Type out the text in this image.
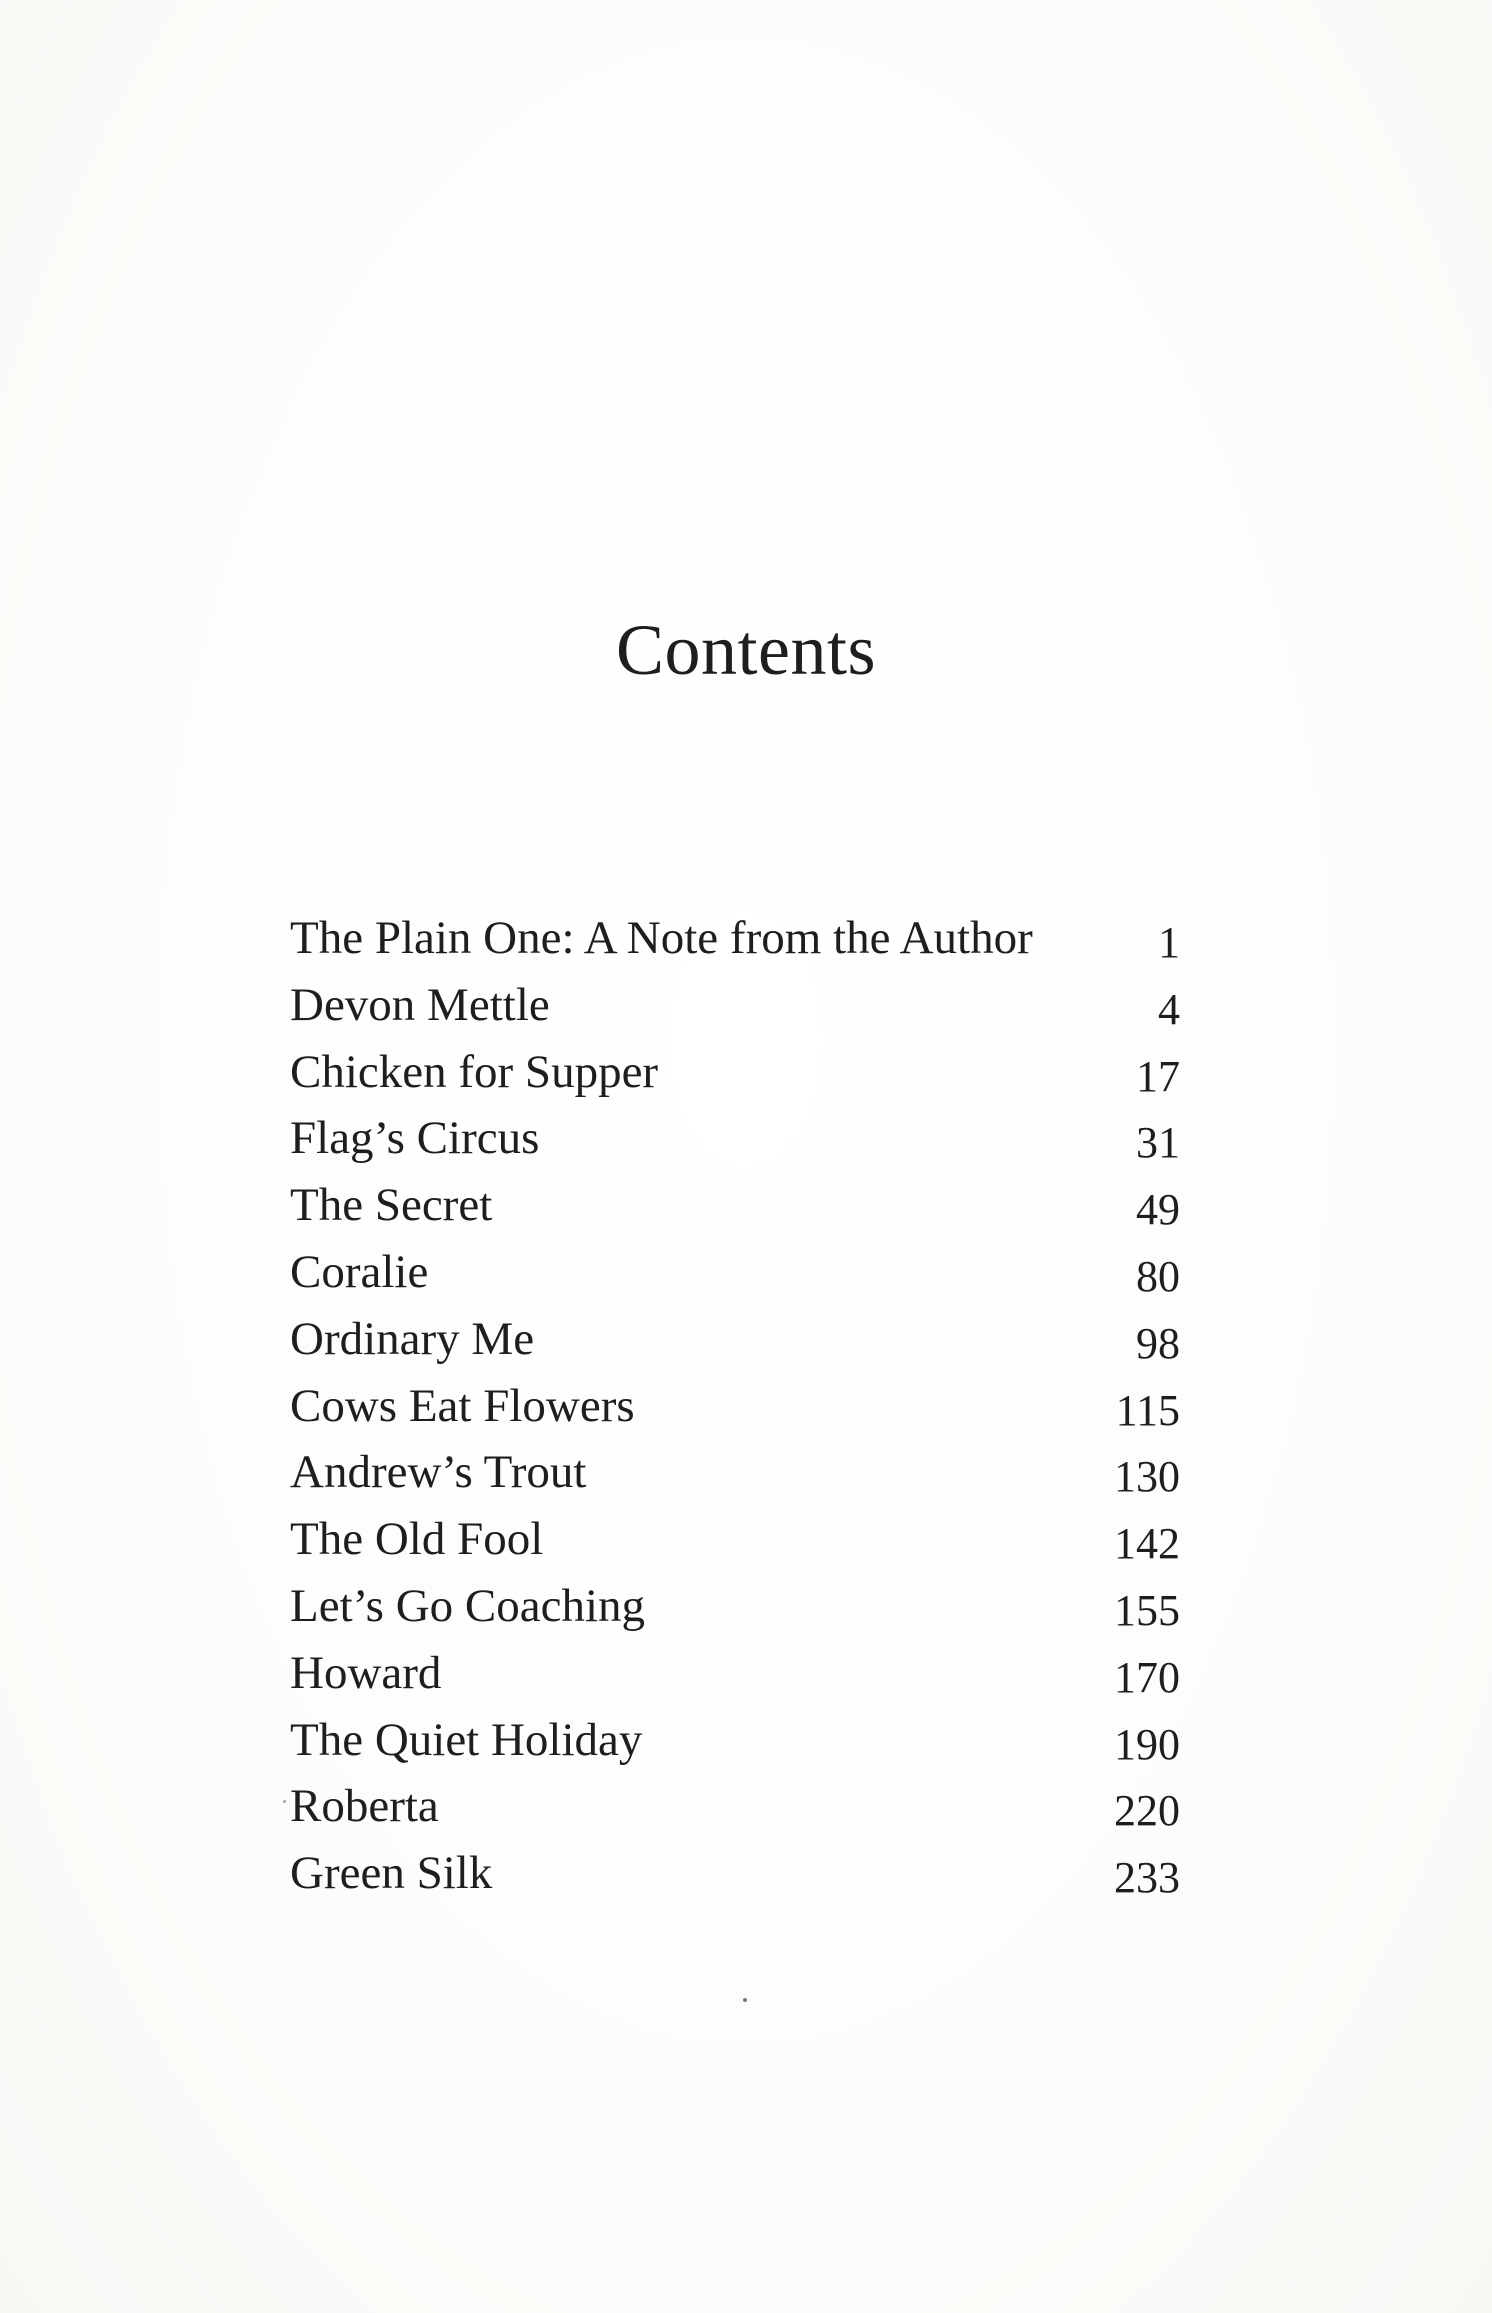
Contents
The Plain One: A Note from the Author	1
Devon Mettle	4
Chicken for Supper	17
Flag’s Circus	31
The Secret	49
Coralie	80
Ordinary Me	98
Cows Eat Flowers	115
Andrew’s Trout	130
The Old Fool	142
Let’s Go Coaching	155
Howard	170
The Quiet Holiday	190
Roberta	220
Green Silk	233
